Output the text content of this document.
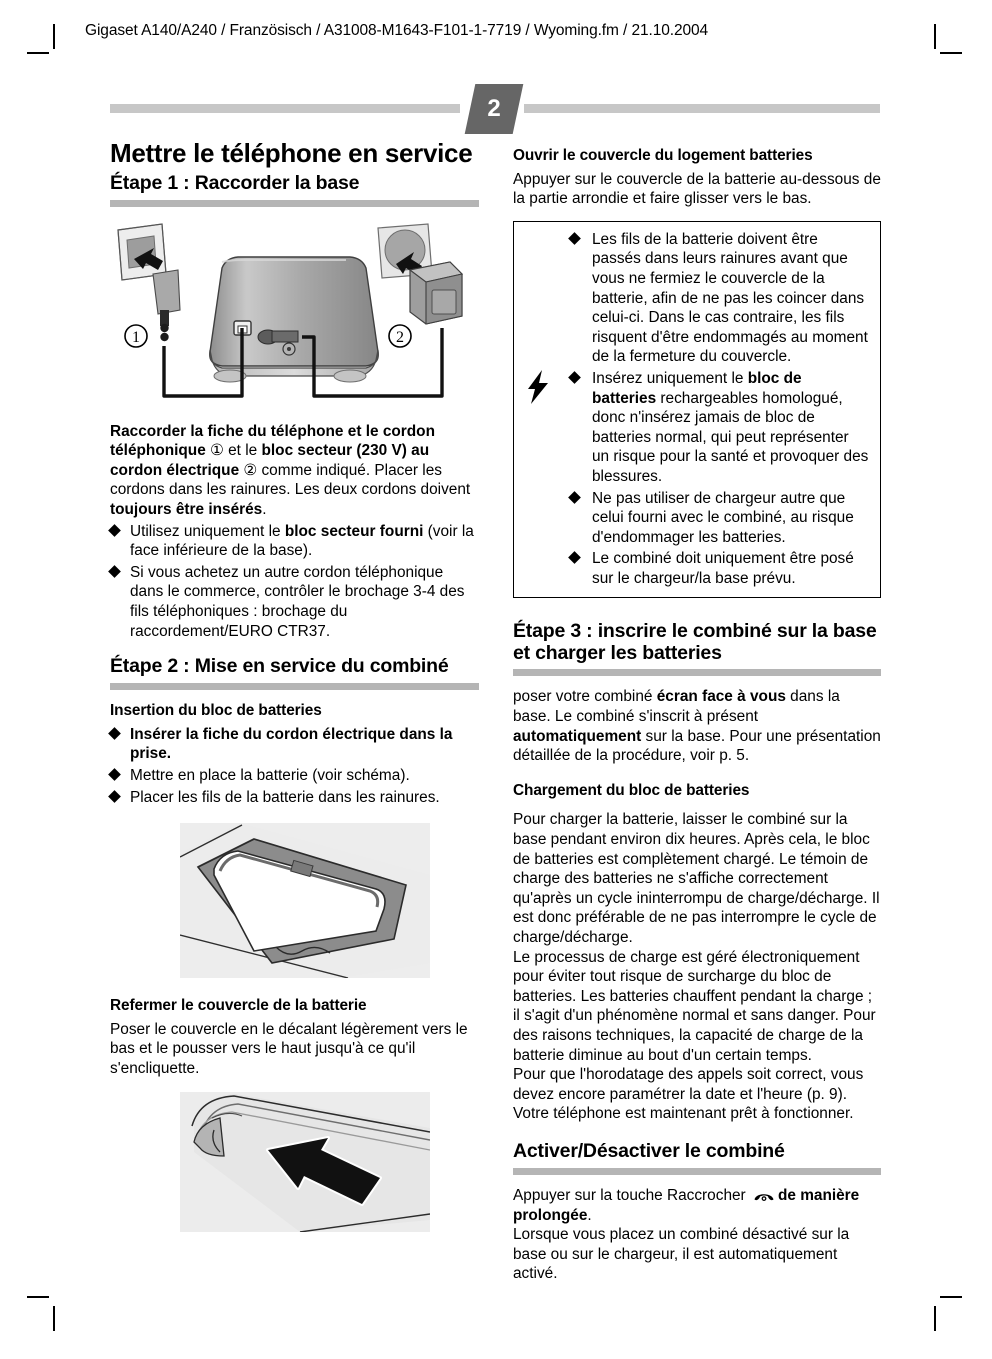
Gigaset A140/A240 / Französisch / A31008-M1643-F101-1-7719 / Wyoming.fm / 21.10.2004
2
Mettre le téléphone en service
Étape 1 : Raccorder la base
1	2

Raccorder la fiche du téléphone et le cordon téléphonique ① et le bloc secteur (230 V) au cordon électrique ② comme indiqué. Placer les cordons dans les rainures. Les deux cordons doivent toujours être insérés.

Utilisez uniquement le bloc secteur fourni (voir la face inférieure de la base).
Si vous achetez un autre cordon téléphonique dans le commerce, contrôler le brochage 3-4 des fils téléphoniques : brochage du raccordement/EURO CTR37.
Étape 2 : Mise en service du combiné
Insertion du bloc de batteries
Insérer la fiche du cordon électrique dans la prise.
Mettre en place la batterie (voir schéma).
Placer les fils de la batterie dans les rainures.
Refermer le couvercle de la batterie

Poser le couvercle en le décalant légèrement vers le bas et le pousser vers le haut jusqu'à ce qu'il s'encliquette.

Ouvrir le couvercle du logement batteries

Appuyer sur le couvercle de la batterie au-dessous de la partie arrondie et faire glisser vers le bas.

Les fils de la batterie doivent être passés dans leurs rainures avant que vous ne fermiez le couvercle de la batterie, afin de ne pas les coincer dans celui-ci. Dans le cas contraire, les fils risquent d'être endommagés au moment de la fermeture du couvercle.
Insérez uniquement le bloc de batteries rechargeables homologué, donc n'insérez jamais de bloc de batteries normal, qui peut représenter un risque pour la santé et provoquer des blessures.
Ne pas utiliser de chargeur autre que celui fourni avec le combiné, au risque d'endommager les batteries.
Le combiné doit uniquement être posé sur le chargeur/la base prévu.
Étape 3 : inscrire le combiné sur la base et charger les batteries

poser votre combiné écran face à vous dans la base. Le combiné s'inscrit à présent automatiquement sur la base. Pour une présentation détaillée de la procédure, voir p. 5.

Chargement du bloc de batteries

Pour charger la batterie, laisser le combiné sur la base pendant environ dix heures. Après cela, le bloc de batteries est complètement chargé. Le témoin de charge des batteries ne s'affiche correctement qu'après un cycle ininterrompu de charge/décharge. Il est donc préférable de ne pas interrompre le cycle de charge/décharge.

Le processus de charge est géré électroniquement pour éviter tout risque de surcharge du bloc de batteries. Les batteries chauffent pendant la charge ; il s'agit d'un phénomène normal et sans danger. Pour des raisons techniques, la capacité de charge de la batterie diminue au bout d'un certain temps.

Pour que l'horodatage des appels soit correct, vous devez encore paramétrer la date et l'heure (p. 9). Votre téléphone est maintenant prêt à fonctionner.

Activer/Désactiver le combiné

Appuyer sur la touche Raccrocher de manière prolongée.

Lorsque vous placez un combiné désactivé sur la base ou sur le chargeur, il est automatiquement activé.
